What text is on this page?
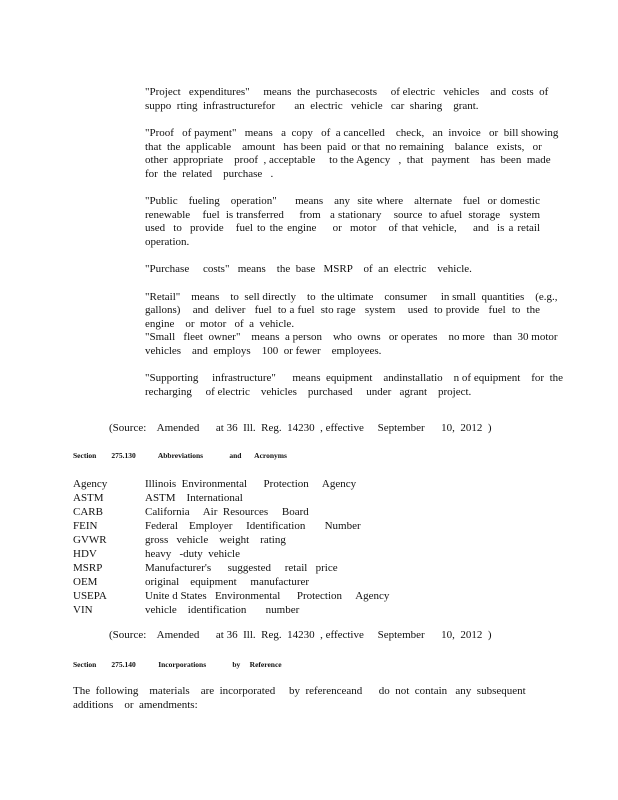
"Project   expenditures"     means  the  purchasecosts     of electric   vehicles    and  costs  of
suppo  rting  infrastructurefor       an  electric   vehicle   car  sharing    grant.
"Proof   of payment"   means   a  copy   of  a cancelled    check,   an  invoice   or  bill showing
that  the  applicable    amount   has been  paid  or that  no remaining    balance   exists,   or
other  appropriate    proof  , acceptable     to the Agency   ,  that   payment    has  been  made
for  the  related    purchase   .
"Public   fueling   operation"     means   any  site where   alternate   fuel  or domestic
renewable    fuel  is transferred     from   a stationary    source  to afuel  storage   system
used  to  provide   fuel to the engine    or  motor   of that vehicle,    and  is a retail
operation.
"Purchase     costs"   means    the  base   MSRP    of  an  electric    vehicle.
"Retail"    means    to  sell directly    to  the ultimate    consumer     in small  quantities    (e.g.,
gallons)    and  deliver   fuel  to a fuel  sto rage   system    used  to provide   fuel  to  the
engine    or  motor   of  a  vehicle.
"Small   fleet  owner"    means  a person    who  owns   or operates    no more   than  30 motor
vehicles    and  employs    100  or fewer    employees.
"Supporting     infrastructure"      means  equipment    andinstallatio    n of equipment    for  the
recharging     of electric    vehicles    purchased     under   agrant    project.
(Source:    Amended      at 36  Ill.  Reg.  14230  , effective     September      10,  2012  )
Section        275.130	Abbreviations              and       Acronyms
Agency	Illinois  Environmental      Protection     Agency
ASTM	ASTM    International
CARB	California     Air  Resources     Board
FEIN	Federal    Employer     Identification       Number
GVWR	gross   vehicle    weight    rating
HDV	heavy   -duty  vehicle
MSRP	Manufacturer's      suggested     retail   price
OEM	original    equipment     manufacturer
USEPA	Unite d States   Environmental      Protection     Agency
VIN	vehicle    identification       number
(Source:    Amended      at 36  Ill.  Reg.  14230  , effective     September      10,  2012  )
Section        275.140	Incorporations              by     Reference
The  following    materials    are  incorporated     by  referenceand      do  not  contain   any  subsequent
additions    or  amendments:
